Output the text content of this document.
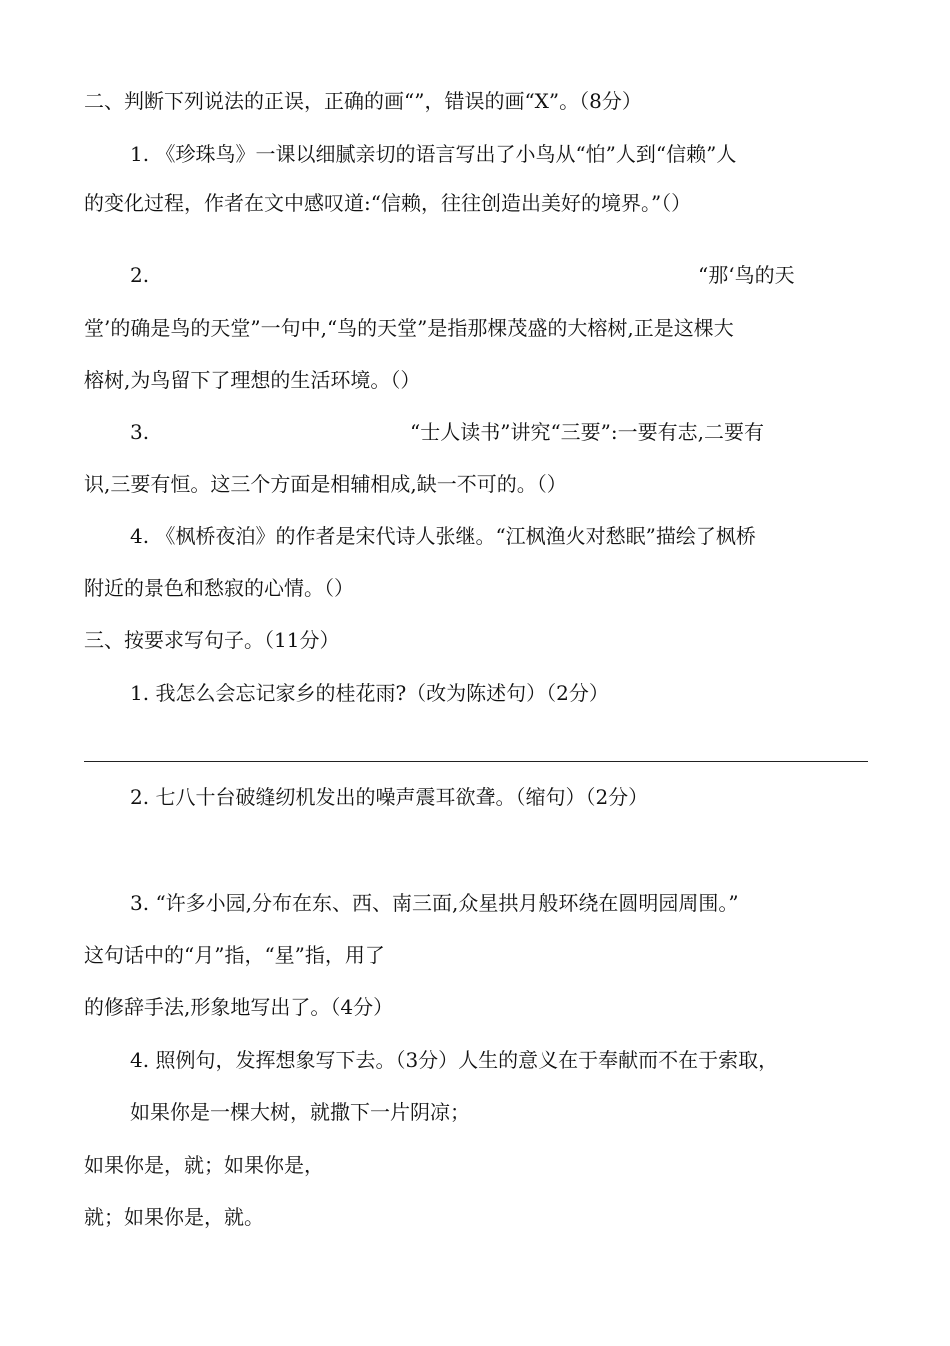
二、判断下列说法的正误，正确的画“”，错误的画“X”。（8分）

1. 《珍珠鸟》一课以细腻亲切的语言写出了小鸟从“怕”人到“信赖”人

的变化过程，作者在文中感叹道:“信赖，往往创造出美好的境界。”（）

2.	“那‘鸟的天

堂’的确是鸟的天堂”一句中,“鸟的天堂”是指那棵茂盛的大榕树,正是这棵大

榕树,为鸟留下了理想的生活环境。（）

3.	“士人读书”讲究“三要”:一要有志,二要有

识,三要有恒。这三个方面是相辅相成,缺一不可的。（）

4. 《枫桥夜泊》的作者是宋代诗人张继。“江枫渔火对愁眠”描绘了枫桥

附近的景色和愁寂的心情。（）

三、按要求写句子。（11分）

1. 我怎么会忘记家乡的桂花雨?（改为陈述句）（2分）

2. 七八十台破缝纫机发出的噪声震耳欲聋。（缩句）（2分）

3. “许多小园,分布在东、西、南三面,众星拱月般环绕在圆明园周围。”

这句话中的“月”指，“星”指，用了

的修辞手法,形象地写出了。（4分）

4. 照例句，发挥想象写下去。（3分）人生的意义在于奉献而不在于索取，

如果你是一棵大树，就撒下一片阴凉；

如果你是，就；如果你是，

就；如果你是，就。
